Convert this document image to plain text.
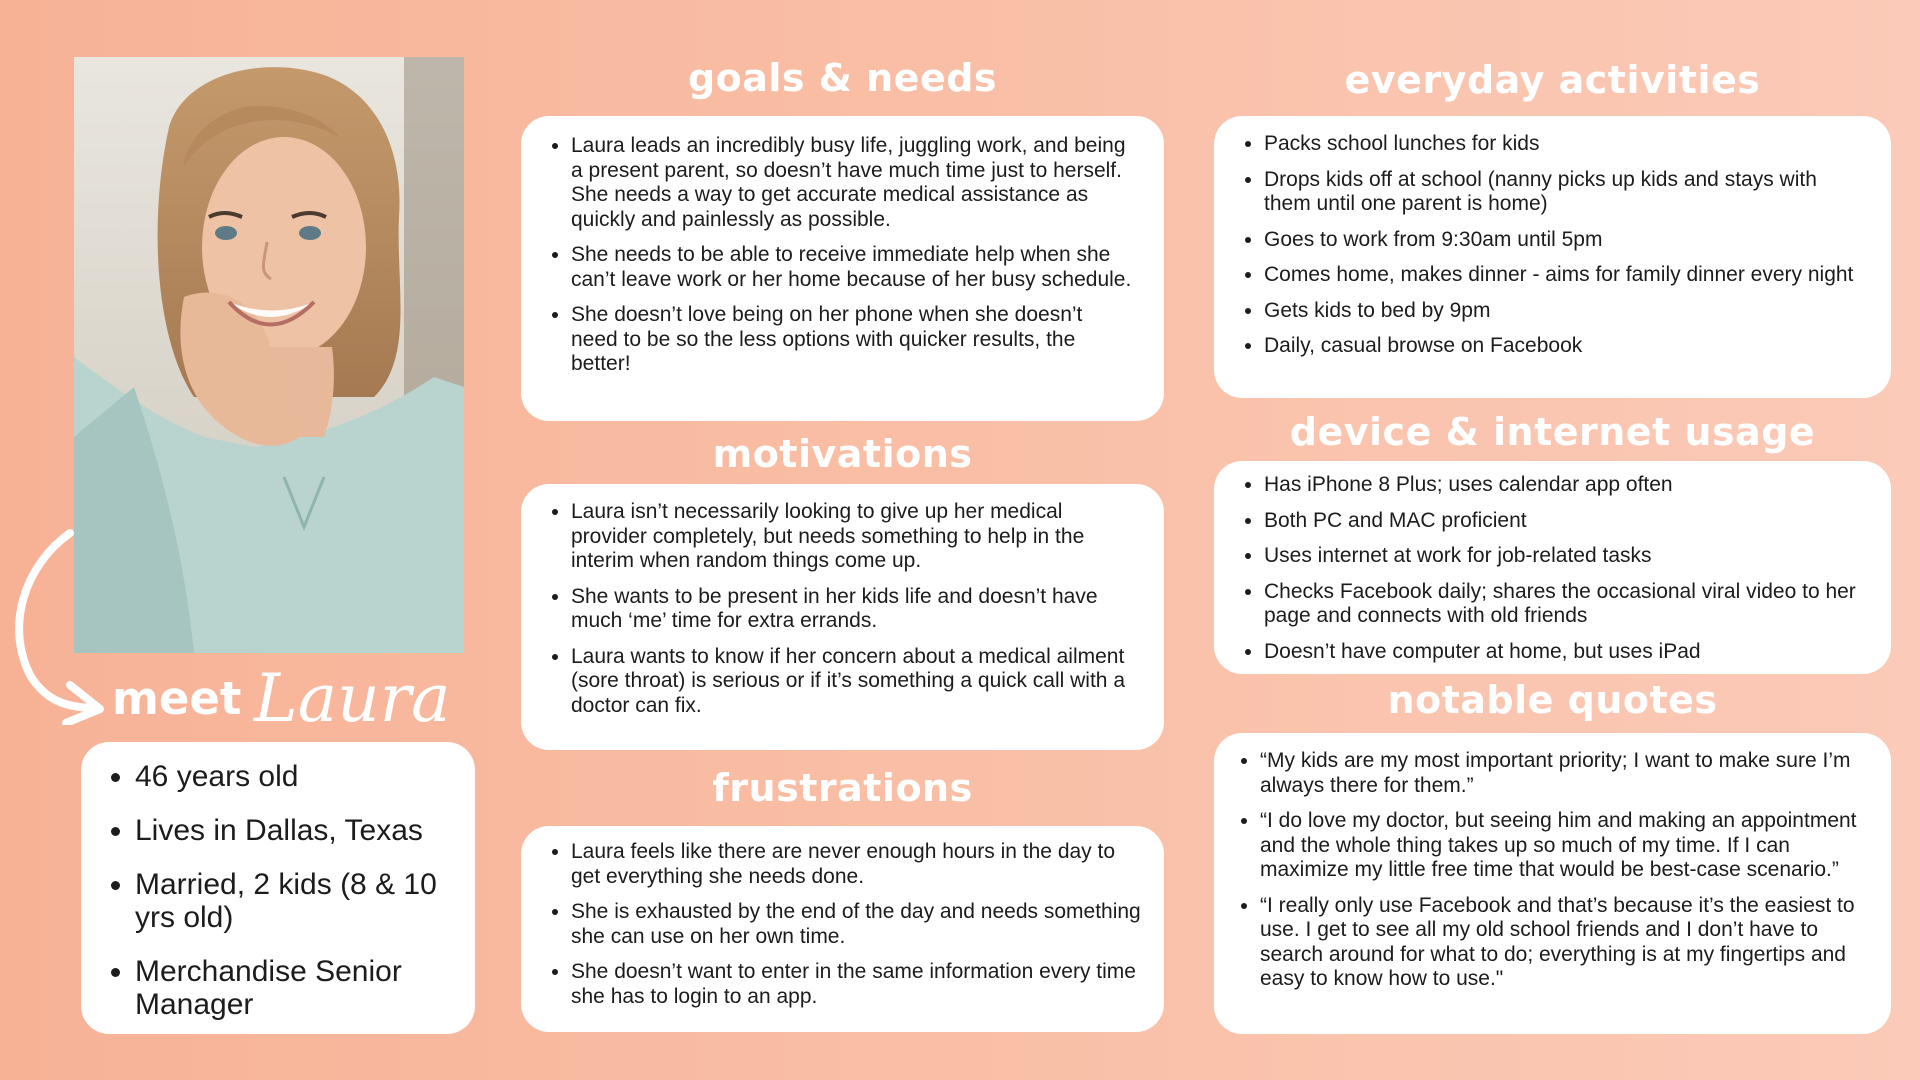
meet Laura
• 46 years old
• Lives in Dallas, Texas
• Married, 2 kids (8 & 10 yrs old)
• Merchandise Senior Manager
goals & needs
• Laura leads an incredibly busy life, juggling work, and being a present parent, so doesn’t have much time just to herself. She needs a way to get accurate medical assistance as quickly and painlessly as possible.
• She needs to be able to receive immediate help when she can’t leave work or her home because of her busy schedule.
• She doesn’t love being on her phone when she doesn’t need to be so the less options with quicker results, the better!
motivations
• Laura isn’t necessarily looking to give up her medical provider completely, but needs something to help in the interim when random things come up.
• She wants to be present in her kids life and doesn’t have much ‘me’ time for extra errands.
• Laura wants to know if her concern about a medical ailment (sore throat) is serious or if it’s something a quick call with a doctor can fix.
frustrations
• Laura feels like there are never enough hours in the day to get everything she needs done.
• She is exhausted by the end of the day and needs something she can use on her own time.
• She doesn’t want to enter in the same information every time she has to login to an app.
everyday activities
• Packs school lunches for kids
• Drops kids off at school (nanny picks up kids and stays with them until one parent is home)
• Goes to work from 9:30am until 5pm
• Comes home, makes dinner - aims for family dinner every night
• Gets kids to bed by 9pm
• Daily, casual browse on Facebook
device & internet usage
• Has iPhone 8 Plus; uses calendar app often
• Both PC and MAC proficient
• Uses internet at work for job-related tasks
• Checks Facebook daily; shares the occasional viral video to her page and connects with old friends
• Doesn’t have computer at home, but uses iPad
notable quotes
• “My kids are my most important priority; I want to make sure I’m always there for them.”
• “I do love my doctor, but seeing him and making an appointment and the whole thing takes up so much of my time. If I can maximize my little free time that would be best-case scenario.”
• “I really only use Facebook and that’s because it’s the easiest to use. I get to see all my old school friends and I don’t have to search around for what to do; everything is at my fingertips and easy to know how to use."
